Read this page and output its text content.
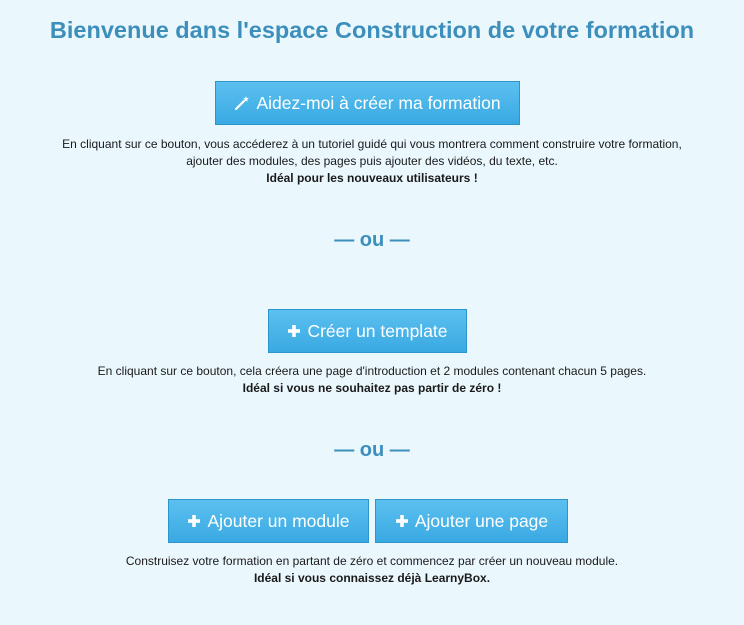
Bienvenue dans l'espace Construction de votre formation
Aidez-moi à créer ma formation
En cliquant sur ce bouton, vous accéderez à un tutoriel guidé qui vous montrera comment construire votre formation,
ajouter des modules, des pages puis ajouter des vidéos, du texte, etc.
Idéal pour les nouveaux utilisateurs !
— ou —
Créer un template
En cliquant sur ce bouton, cela créera une page d'introduction et 2 modules contenant chacun 5 pages.
Idéal si vous ne souhaitez pas partir de zéro !
— ou —
Ajouter un module	Ajouter une page
Construisez votre formation en partant de zéro et commencez par créer un nouveau module.
Idéal si vous connaissez déjà LearnyBox.
